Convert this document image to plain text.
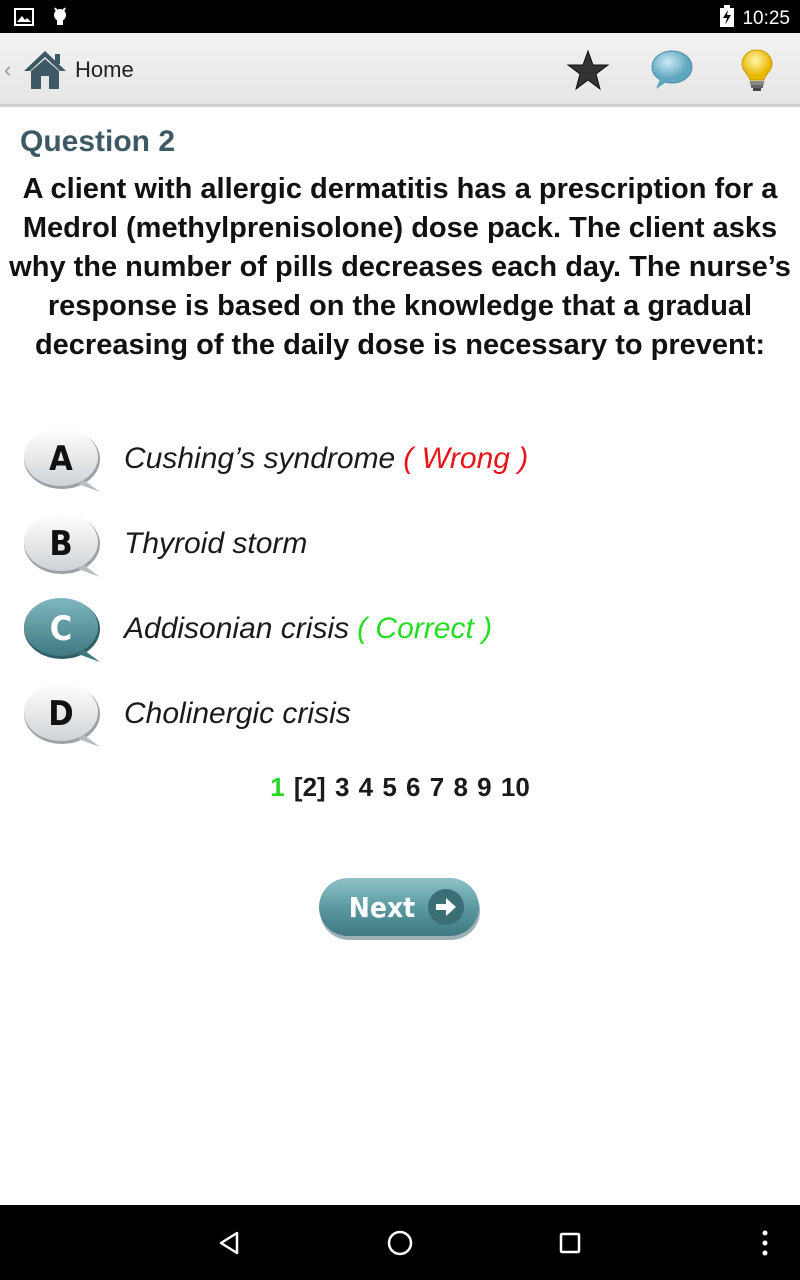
10:25
‹	Home
Question 2
A client with allergic dermatitis has a prescription for a Medrol (methylprenisolone) dose pack. The client asks why the number of pills decreases each day. The nurse’s response is based on the knowledge that a gradual decreasing of the daily dose is necessary to prevent:
A Cushing’s syndrome ( Wrong )
B Thyroid storm
C Addisonian crisis ( Correct )
D Cholinergic crisis
1 [2] 3 4 5 6 7 8 9 10
Next
